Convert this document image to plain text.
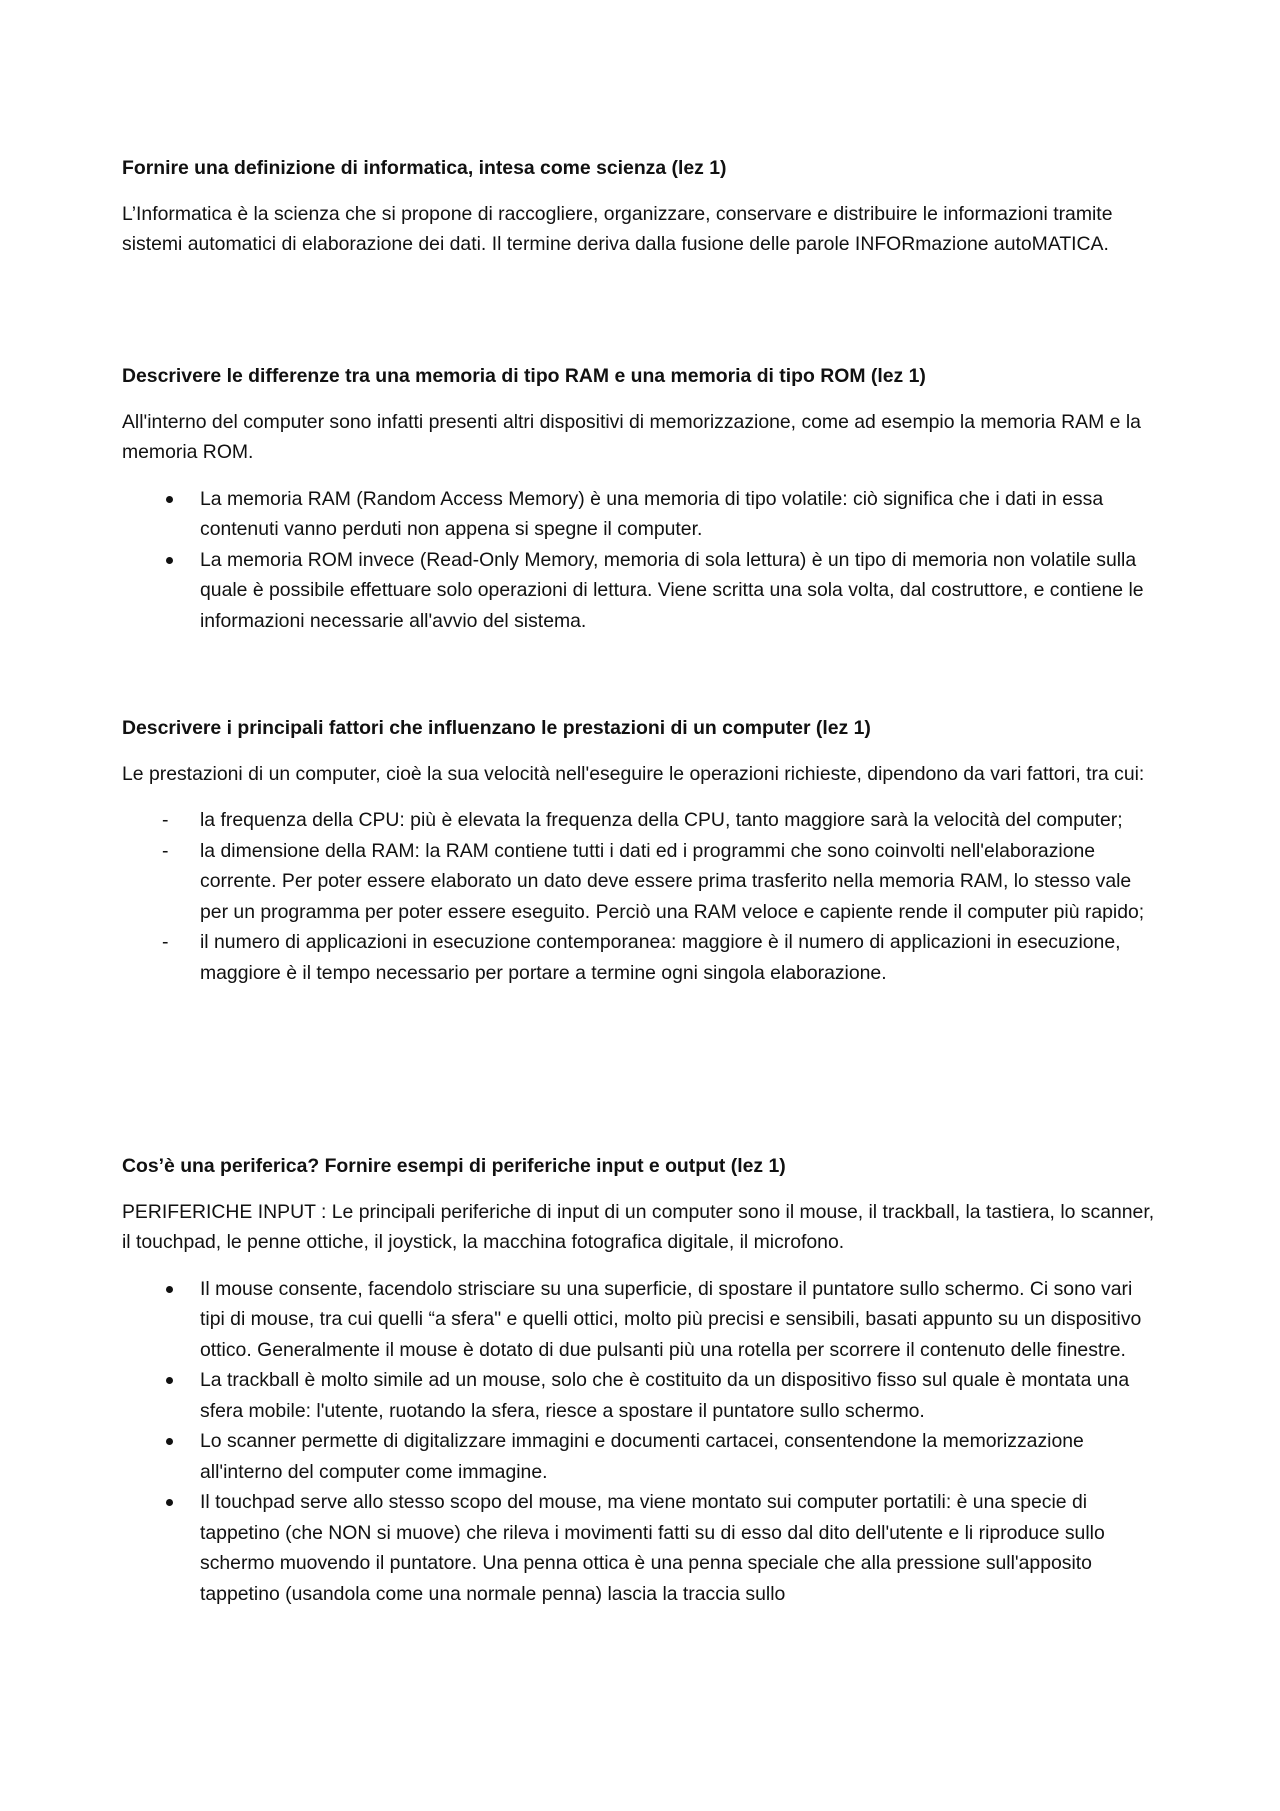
Fornire una definizione di informatica, intesa come scienza (lez 1)

L’Informatica è la scienza che si propone di raccogliere, organizzare, conservare e distribuire le informazioni tramite sistemi automatici di elaborazione dei dati. Il termine deriva dalla fusione delle parole INFORmazione autoMATICA.

Descrivere le differenze tra una memoria di tipo RAM e una memoria di tipo ROM (lez 1)

All'interno del computer sono infatti presenti altri dispositivi di memorizzazione, come ad esempio la memoria RAM e la memoria ROM.

La memoria RAM (Random Access Memory) è una memoria di tipo volatile: ciò significa che i dati in essa contenuti vanno perduti non appena si spegne il computer.
La memoria ROM invece (Read-Only Memory, memoria di sola lettura) è un tipo di memoria non volatile sulla quale è possibile effettuare solo operazioni di lettura. Viene scritta una sola volta, dal costruttore, e contiene le informazioni necessarie all'avvio del sistema.
Descrivere i principali fattori che influenzano le prestazioni di un computer (lez 1)

Le prestazioni di un computer, cioè la sua velocità nell'eseguire le operazioni richieste, dipendono da vari fattori, tra cui:

- la frequenza della CPU: più è elevata la frequenza della CPU, tanto maggiore sarà la velocità del computer;
- la dimensione della RAM: la RAM contiene tutti i dati ed i programmi che sono coinvolti nell'elaborazione corrente. Per poter essere elaborato un dato deve essere prima trasferito nella memoria RAM, lo stesso vale per un programma per poter essere eseguito. Perciò una RAM veloce e capiente rende il computer più rapido;
- il numero di applicazioni in esecuzione contemporanea: maggiore è il numero di applicazioni in esecuzione, maggiore è il tempo necessario per portare a termine ogni singola elaborazione.
Cos’è una periferica? Fornire esempi di periferiche input e output (lez 1)

PERIFERICHE INPUT : Le principali periferiche di input di un computer sono il mouse, il trackball, la tastiera, lo scanner, il touchpad, le penne ottiche, il joystick, la macchina fotografica digitale, il microfono.

Il mouse consente, facendolo strisciare su una superficie, di spostare il puntatore sullo schermo. Ci sono vari tipi di mouse, tra cui quelli “a sfera" e quelli ottici, molto più precisi e sensibili, basati appunto su un dispositivo ottico. Generalmente il mouse è dotato di due pulsanti più una rotella per scorrere il contenuto delle finestre.
La trackball è molto simile ad un mouse, solo che è costituito da un dispositivo fisso sul quale è montata una sfera mobile: l'utente, ruotando la sfera, riesce a spostare il puntatore sullo schermo.
Lo scanner permette di digitalizzare immagini e documenti cartacei, consentendone la memorizzazione all'interno del computer come immagine.
Il touchpad serve allo stesso scopo del mouse, ma viene montato sui computer portatili: è una specie di tappetino (che NON si muove) che rileva i movimenti fatti su di esso dal dito dell'utente e li riproduce sullo schermo muovendo il puntatore. Una penna ottica è una penna speciale che alla pressione sull'apposito tappetino (usandola come una normale penna) lascia la traccia sullo
